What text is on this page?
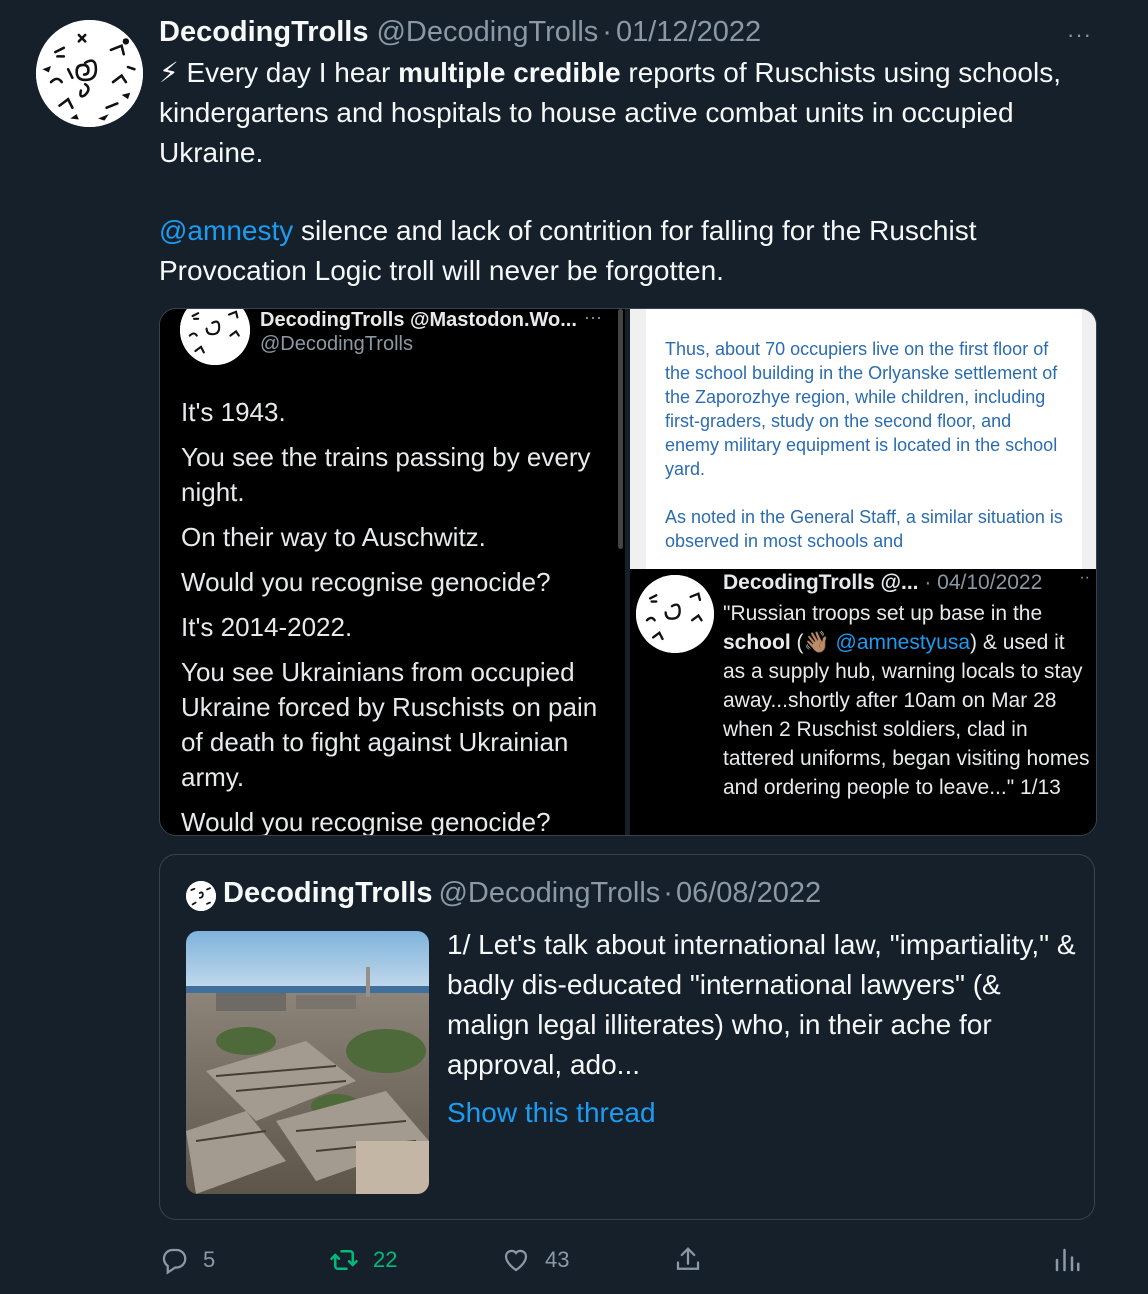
DecodingTrolls @DecodingTrolls · 01/12/2022	···

⚡ Every day I hear multiple credible reports of Ruschists using schools, kindergartens and hospitals to house active combat units in occupied Ukraine.

@amnesty silence and lack of contrition for falling for the Ruschist Provocation Logic troll will never be forgotten.

DecodingTrolls @Mastodon.Wo... ···
@DecodingTrolls

It's 1943.

You see the trains passing by every night.

On their way to Auschwitz.

Would you recognise genocide?

It's 2014-2022.

You see Ukrainians from occupied Ukraine forced by Ruschists on pain of death to fight against Ukrainian army.

Would you recognise genocide?

Thus, about 70 occupiers live on the first floor of the school building in the Orlyanske settlement of the Zaporozhye region, while children, including first-graders, study on the second floor, and enemy military equipment is located in the school yard.

As noted in the General Staff, a similar situation is observed in most schools and

DecodingTrolls @... · 04/10/2022 ··
"Russian troops set up base in the school (👋🏽 @amnestyusa) & used it as a supply hub, warning locals to stay away...shortly after 10am on Mar 28 when 2 Ruschist soldiers, clad in tattered uniforms, began visiting homes and ordering people to leave..." 1/13
DecodingTrolls @DecodingTrolls · 06/08/2022
1/ Let's talk about international law, "impartiality," & badly dis-educated "international lawyers" (& malign legal illiterates) who, in their ache for approval, ado...
Show this thread
5	22	43
